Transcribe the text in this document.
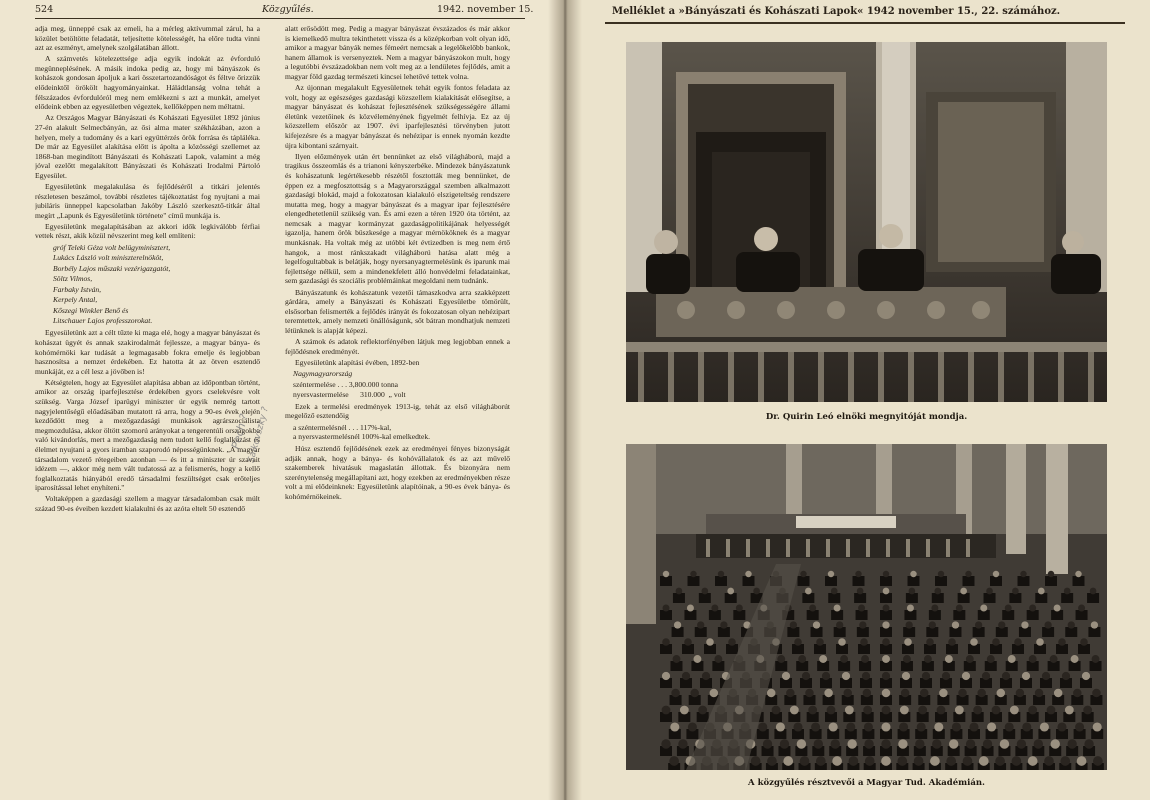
524	Közgyűlés.	1942. november 15.

adja meg, ünneppé csak az emeli, ha a mérleg aktívummal zárul, ha a közület betöltötte feladatát, teljesítette kötelességét, ha előre tudta vinni azt az eszményt, amelynek szolgálatában állott.

A számvetés kötelezettsége adja egyik indokát az évforduló megünneplésének. A másik indoka pedig az, hogy mi bányászok és kohászok gondosan ápoljuk a kari összetartozandóságot és féltve őrizzük elődeinktől örökölt hagyományainkat. Háládtlanság volna tehát a félszázados évfordulóról meg nem emlékezni s azt a munkát, amelyet elődeink ebben az egyesületben végeztek, kellőképpen nem méltatni.

Az Országos Magyar Bányászati és Kohászati Egyesület 1892 június 27-én alakult Selmecbányán, az ősi alma mater székházában, azon a helyen, mely a tudomány és a kari együttérzés örök forrása és táplálékа. De már az Egyesület alakítása előtt is ápolta a közösségi szellemet az 1868-ban megindított Bányászati és Kohászati Lapok, valamint a még jóval ezelőtt megalakított Bányászati és Kohászati Irodalmi Pártoló Egyesület.

Egyesületünk megalakulása és fejlődéséről a titkári jelentés részletesen beszámol, további részletes tájékoztatást fog nyujtani a mai jubiláris ünneppel kapcsolatban Jakóby László szerkesztő-titkár által megírt „Lapunk és Egyesületünk története" című munkája is.

Egyesületünk megalapításában az akkori idők legkiválóbb férfiai vettek részt, akik közül névszerint meg kell említeni:

gróf Teleki Géza volt belügyminisztert,
Lukács László volt miniszterelnököt,
Borbély Lajos műszaki vezérigazgatót,
Söltz Vilmos,
Farbaky István,
Kerpely Antal,
Kőszegi Winkler Benő és
Litschauer Lajos professzorokat.

Egyesületünk azt a célt tűzte ki maga elé, hogy a magyar bányászat és kohászat ügyét és annak szakirodalmát fejlessze, a magyar bánya- és kohómérnöki kar tudását a legmagasabb fokra emelje és legjobban hasznosítsa a nemzet érdekében. Ez hatotta át az ötven esztendő munkáját, ez a cél lesz a jövőben is!

Kétségtelen, hogy az Egyesület alapítása abban az időpontban történt, amikor az ország iparfejlesztése érdekében gyors cselekvésre volt szükség. Varga József iparügyi miniszter úr egyik nemrég tartott nagyjelentőségű előadásában mutatott rá arra, hogy a 90-es évek elején kezdődött meg a mezőgazdasági munkások agrárszocialista megmozdulása, akkor öltött szomorú arányokat a tengerentúli országokba való kivándorlás, mert a mezőgazdaság nem tudott kellő foglalkozást és élelmet nyujtani a gyors iramban szaporodó népességünknek. „A magyar társadalom vezető rétegeiben azonban — és itt a miniszter úr szavait idézem —, akkor még nem vált tudatossá az a felismerés, hogy a kellő foglalkoztatás hiányából eredő társadalmi feszültséget csak erőteljes iparosítással lehet enyhíteni."

Voltaképpen a gazdasági szellem a magyar társadalomban csak múlt század 90-es éveiben kezdett kialakulni és az azóta eltelt 50 esztendő

alatt erősödött meg. Pedig a magyar bányászat évszázados és már akkor is kiemelkedő multra tekinthetett vissza és a középkorban volt olyan idő, amikor a magyar bányák nemes fémeért nemcsak a legelőkelőbb bankok, hanem államok is versenyeztek. Nem a magyar bányászokon mult, hogy a legutóbbi évszázadokban nem volt meg az a lendületes fejlődés, amit a magyar föld gazdag természeti kincsei lehetővé tettek volna.

Az újonnan megalakult Egyesületnek tehát egyik fontos feladata az volt, hogy az egészséges gazdasági közszellem kialakítását elősegítse, a magyar bányászat és kohászat fejlesztésének szükségességére állami életünk vezetőinek és közvéleményének figyelmét felhívja. Ez az új közszellem először az 1907. évi iparfejlesztési törvényben jutott kifejezésre és a magyar bányászat és nehézipar is ennek nyomán kezdte újra kibontani szárnyait.

Ilyen előzmények után ért bennünket az első világháború, majd a tragikus összeomlás és a trianoni kényszerbéke. Mindezek bányászatunk és kohászatunk legértékesebb részétől fosztották meg bennünket, de éppen ez a megfosztottság s a Magyarországgal szemben alkalmazott gazdasági blokád, majd a fokozatosan kialakuló elszigeteltség rendszere mutatta meg, hogy a magyar bányászat és a magyar ipar fejlesztésére elengedhetetlenül szükség van. És ami ezen a téren 1920 óta történt, az nemcsak a magyar kormányzat gazdaságpolitikájának helyességét igazolja, hanem örök büszkesége a magyar mérnököknek és a magyar munkásnak. Ha voltak még az utóbbi két évtizedben is meg nem értő hangok, a most ránkszakadt világháború hatása alatt még a legelfogultabbak is belátják, hogy nyersanyagtermelésünk és iparunk mai fejlettsége nélkül, sem a mindenekfelett álló honvédelmi feladatainkat, sem gazdasági és szociális problémáinkat megoldani nem tudnánk.

Bányászatunk és kohászatunk vezetői támaszkodva arra szakképzett gárdára, amely a Bányászati és Kohászati Egyesületbe tömörült, elsősorban felismerték a fejlődés irányát és fokozatosan olyan nehézipart teremtettek, amely nemzeti önállóságunk, sőt bátran mondhatjuk nemzeti létünknek is alapját képezi.

A számok és adatok reflektorfényében látjuk meg legjobban ennek a fejlődésnek eredményét.

Egyesületünk alapítási évében, 1892-ben

Nagymagyarország
széntermelése . . . 3,800.000 tonna
nyersvastermelése 310.000 „ volt

Ezek a termelési eredmények 1913-ig, tehát az első világháborút megelőző esztendőig

a széntermelésnél . . . 117%-kal,
a nyersvastermelésnél 100%-kal emelkedtek.

Húsz esztendő fejlődésének ezek az eredményei fényes bizonyságát adják annak, hogy a bánya- és kohóvállalatok és az azt művelő szakemberek hivatásuk magaslatán állottak. És bizonyára nem szerénytelenség megállapítani azt, hogy ezekben az eredményekben része volt a mi elődeinknek: Egyesületünk alapítóinak, a 90-es évek bánya- és kohómérnökeinek.

Pech ?
Salkovszky ?
Melléklet a »Bányászati és Kohászati Lapok« 1942 november 15., 22. számához.
Dr. Quirin Leó elnöki megnyitóját mondja.
A közgyűlés résztvevői a Magyar Tud. Akadémián.
